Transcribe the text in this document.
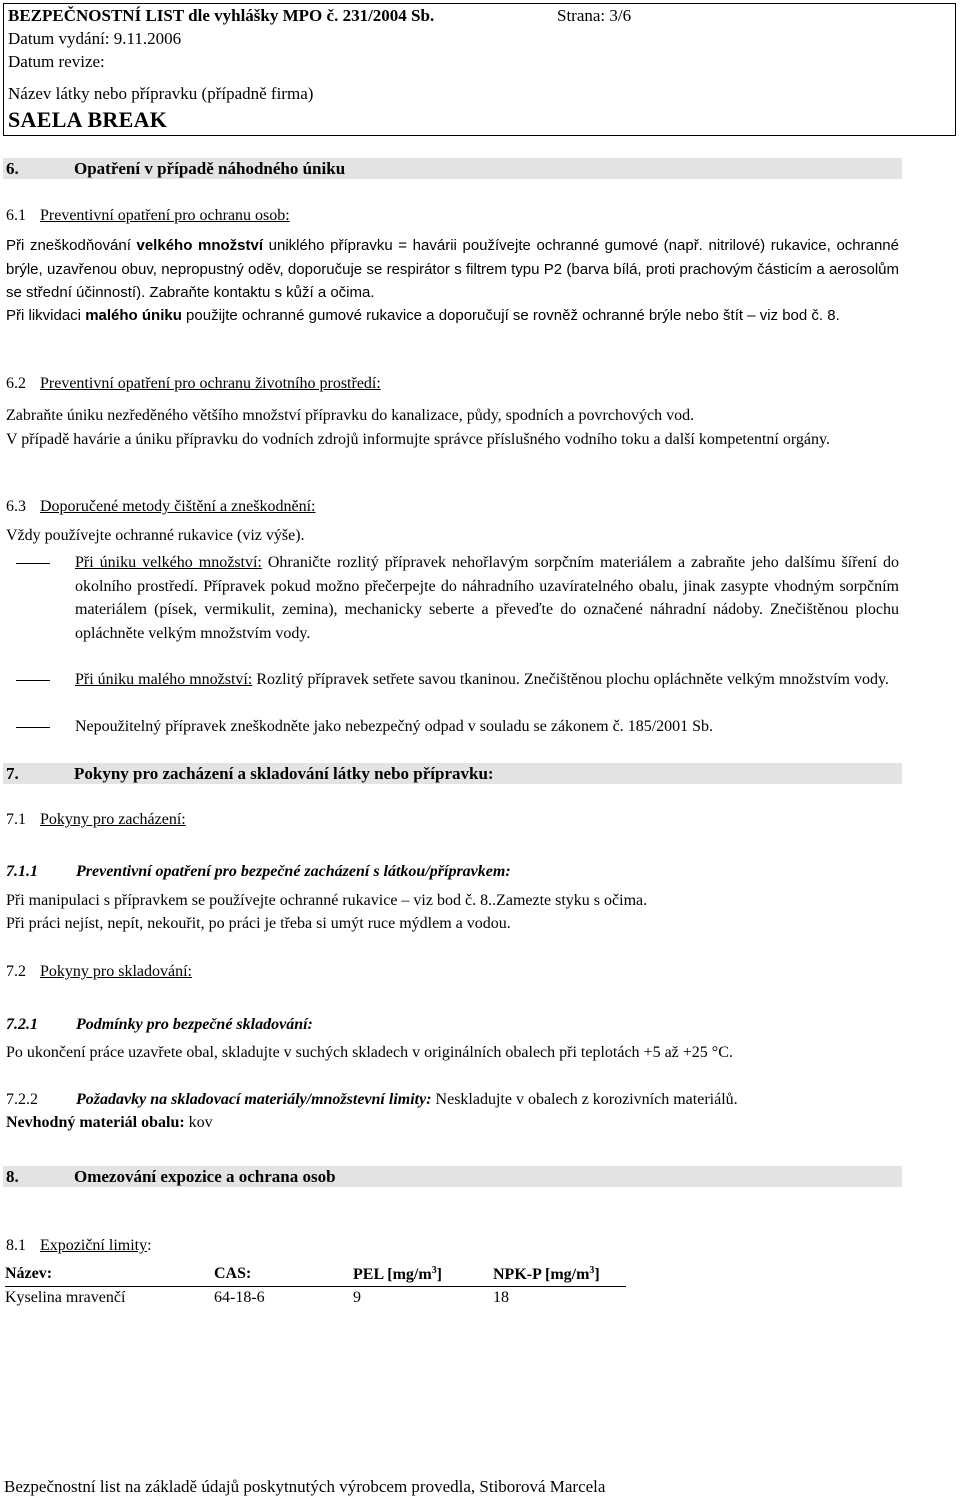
BEZPEČNOSTNÍ LIST dle vyhlášky MPO č. 231/2004 Sb.	Strana: 3/6
Datum vydání: 9.11.2006
Datum revize:
Název látky nebo přípravku (případně firma)
SAELA BREAK
6.	Opatření v případě náhodného úniku
6.1 Preventivní opatření pro ochranu osob:
Při zneškodňování velkého množství uniklého přípravku = havárii používejte ochranné gumové (např. nitrilové) rukavice, ochranné brýle, uzavřenou obuv, nepropustný oděv, doporučuje se respirátor s filtrem typu P2 (barva bílá, proti prachovým částicím a aerosolům se střední účinností). Zabraňte kontaktu s kůží a očima.
Při likvidaci malého úniku použijte ochranné gumové rukavice a doporučují se rovněž ochranné brýle nebo štít – viz bod č. 8.
6.2 Preventivní opatření pro ochranu životního prostředí:
Zabraňte úniku nezředěného většího množství přípravku do kanalizace, půdy, spodních a povrchových vod.
V případě havárie a úniku přípravku do vodních zdrojů informujte správce příslušného vodního toku a další kompetentní orgány.
6.3 Doporučené metody čištění a zneškodnění:
Vždy používejte ochranné rukavice (viz výše).
Při úniku velkého množství: Ohraničte rozlitý přípravek nehořlavým sorpčním materiálem a zabraňte jeho dalšímu šíření do okolního prostředí. Přípravek pokud možno přečerpejte do náhradního uzavíratelného obalu, jinak zasypte vhodným sorpčním materiálem (písek, vermikulit, zemina), mechanicky seberte a převeďte do označené náhradní nádoby. Znečištěnou plochu opláchněte velkým množstvím vody.
Při úniku malého množství: Rozlitý přípravek setřete savou tkaninou. Znečištěnou plochu opláchněte velkým množstvím vody.
Nepoužitelný přípravek zneškodněte jako nebezpečný odpad v souladu se zákonem č. 185/2001 Sb.
7.	Pokyny pro zacházení a skladování látky nebo přípravku:
7.1 Pokyny pro zacházení:
7.1.1 Preventivní opatření pro bezpečné zacházení s látkou/přípravkem:
Při manipulaci s přípravkem se používejte ochranné rukavice – viz bod č. 8..Zamezte styku s očima.
Při práci nejíst, nepít, nekouřit, po práci je třeba si umýt ruce mýdlem a vodou.
7.2 Pokyny pro skladování:
7.2.1 Podmínky pro bezpečné skladování:
Po ukončení práce uzavřete obal, skladujte v suchých skladech v originálních obalech při teplotách +5 až +25 °C.
7.2.2 Požadavky na skladovací materiály/množstevní limity: Neskladujte v obalech z korozivních materiálů.
Nevhodný materiál obalu: kov
8.	Omezování expozice a ochrana osob
8.1 Expoziční limity:
Název:	CAS:	PEL $[mg/m^3]$	NPK-P $[mg/m^3]$
Kyselina mravenčí	64-18-6	9	18
Bezpečnostní list na základě údajů poskytnutých výrobcem provedla, Stiborová Marcela
